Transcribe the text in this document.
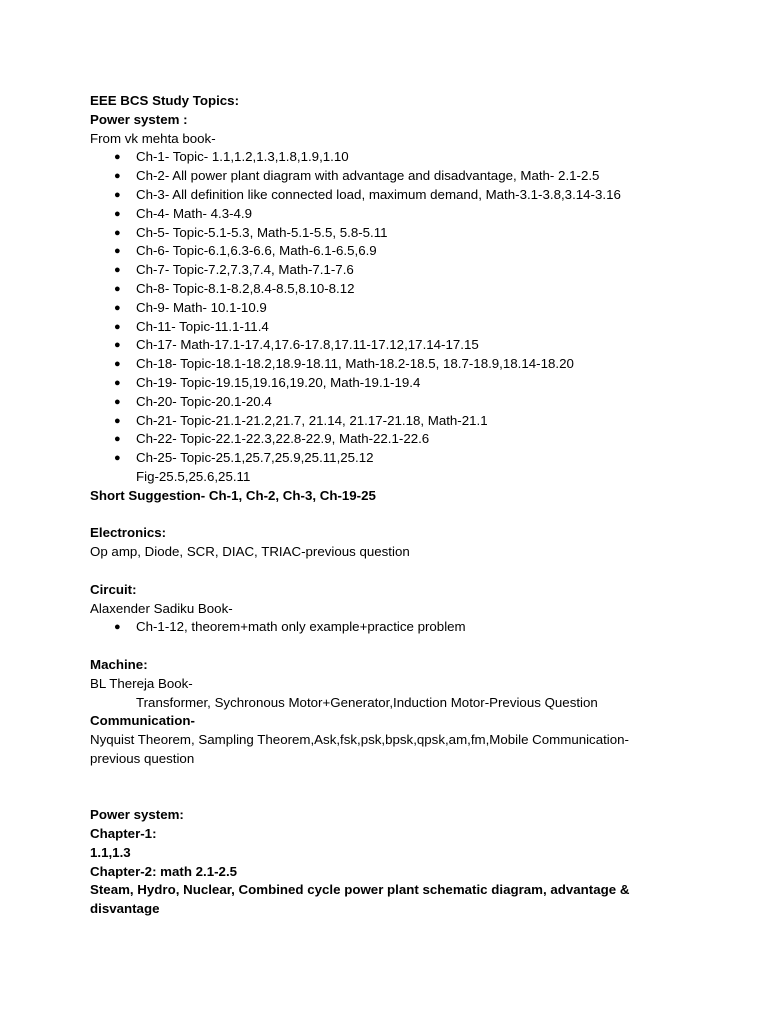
EEE BCS Study Topics:
Power system :
From vk mehta book-
● Ch-1- Topic- 1.1,1.2,1.3,1.8,1.9,1.10
● Ch-2- All power plant diagram with advantage and disadvantage, Math- 2.1-2.5
● Ch-3- All definition like connected load, maximum demand, Math-3.1-3.8,3.14-3.16
● Ch-4- Math- 4.3-4.9
● Ch-5- Topic-5.1-5.3, Math-5.1-5.5, 5.8-5.11
● Ch-6- Topic-6.1,6.3-6.6, Math-6.1-6.5,6.9
● Ch-7- Topic-7.2,7.3,7.4, Math-7.1-7.6
● Ch-8- Topic-8.1-8.2,8.4-8.5,8.10-8.12
● Ch-9- Math- 10.1-10.9
● Ch-11- Topic-11.1-11.4
● Ch-17- Math-17.1-17.4,17.6-17.8,17.11-17.12,17.14-17.15
● Ch-18- Topic-18.1-18.2,18.9-18.11, Math-18.2-18.5, 18.7-18.9,18.14-18.20
● Ch-19- Topic-19.15,19.16,19.20, Math-19.1-19.4
● Ch-20- Topic-20.1-20.4
● Ch-21- Topic-21.1-21.2,21.7, 21.14, 21.17-21.18, Math-21.1
● Ch-22- Topic-22.1-22.3,22.8-22.9, Math-22.1-22.6
● Ch-25- Topic-25.1,25.7,25.9,25.11,25.12
Fig-25.5,25.6,25.11
Short Suggestion- Ch-1, Ch-2, Ch-3, Ch-19-25
Electronics:
Op amp, Diode, SCR, DIAC, TRIAC-previous question
Circuit:
Alaxender Sadiku Book-
● Ch-1-12, theorem+math only example+practice problem
Machine:
BL Thereja Book-
Transformer, Sychronous Motor+Generator,Induction Motor-Previous Question
Communication-
Nyquist Theorem, Sampling Theorem,Ask,fsk,psk,bpsk,qpsk,am,fm,Mobile Communication-previous question
Power system:
Chapter-1:
1.1,1.3
Chapter-2: math 2.1-2.5
Steam, Hydro, Nuclear, Combined cycle power plant schematic diagram, advantage & disvantage
